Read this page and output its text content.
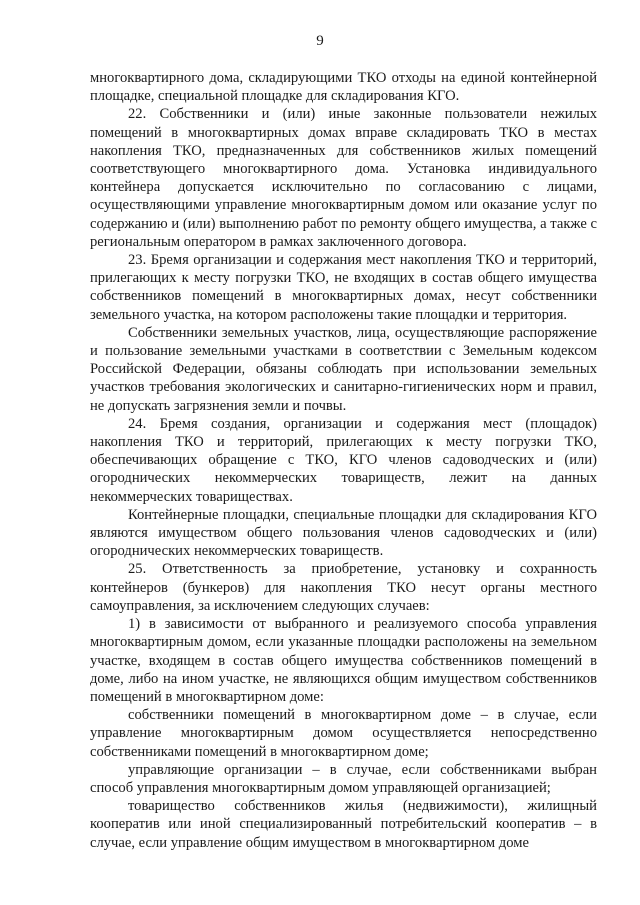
9

многоквартирного дома, складирующими ТКО отходы на единой контейнерной площадке, специальной площадке для складирования КГО.

22. Собственники и (или) иные законные пользователи нежилых помещений в многоквартирных домах вправе складировать ТКО в местах накопления ТКО, предназначенных для собственников жилых помещений соответствующего многоквартирного дома. Установка индивидуального контейнера допускается исключительно по согласованию с лицами, осуществляющими управление многоквартирным домом или оказание услуг по содержанию и (или) выполнению работ по ремонту общего имущества, а также с региональным оператором в рамках заключенного договора.

23. Бремя организации и содержания мест накопления ТКО и территорий, прилегающих к месту погрузки ТКО, не входящих в состав общего имущества собственников помещений в многоквартирных домах, несут собственники земельного участка, на котором расположены такие площадки и территория.

Собственники земельных участков, лица, осуществляющие распоряжение и пользование земельными участками в соответствии с Земельным кодексом Российской Федерации, обязаны соблюдать при использовании земельных участков требования экологических и санитарно-гигиенических норм и правил, не допускать загрязнения земли и почвы.

24. Бремя создания, организации и содержания мест (площадок) накопления ТКО и территорий, прилегающих к месту погрузки ТКО, обеспечивающих обращение с ТКО, КГО членов садоводческих и (или) огороднических некоммерческих товариществ, лежит на данных некоммерческих товариществах.

Контейнерные площадки, специальные площадки для складирования КГО являются имуществом общего пользования членов садоводческих и (или) огороднических некоммерческих товариществ.

25. Ответственность за приобретение, установку и сохранность контейнеров (бункеров) для накопления ТКО несут органы местного самоуправления, за исключением следующих случаев:

1) в зависимости от выбранного и реализуемого способа управления многоквартирным домом, если указанные площадки расположены на земельном участке, входящем в состав общего имущества собственников помещений в доме, либо на ином участке, не являющихся общим имуществом собственников помещений в многоквартирном доме:

собственники помещений в многоквартирном доме – в случае, если управление многоквартирным домом осуществляется непосредственно собственниками помещений в многоквартирном доме;

управляющие организации – в случае, если собственниками выбран способ управления многоквартирным домом управляющей организацией;

товарищество собственников жилья (недвижимости), жилищный кооператив или иной специализированный потребительский кооператив – в случае, если управление общим имуществом в многоквартирном доме
